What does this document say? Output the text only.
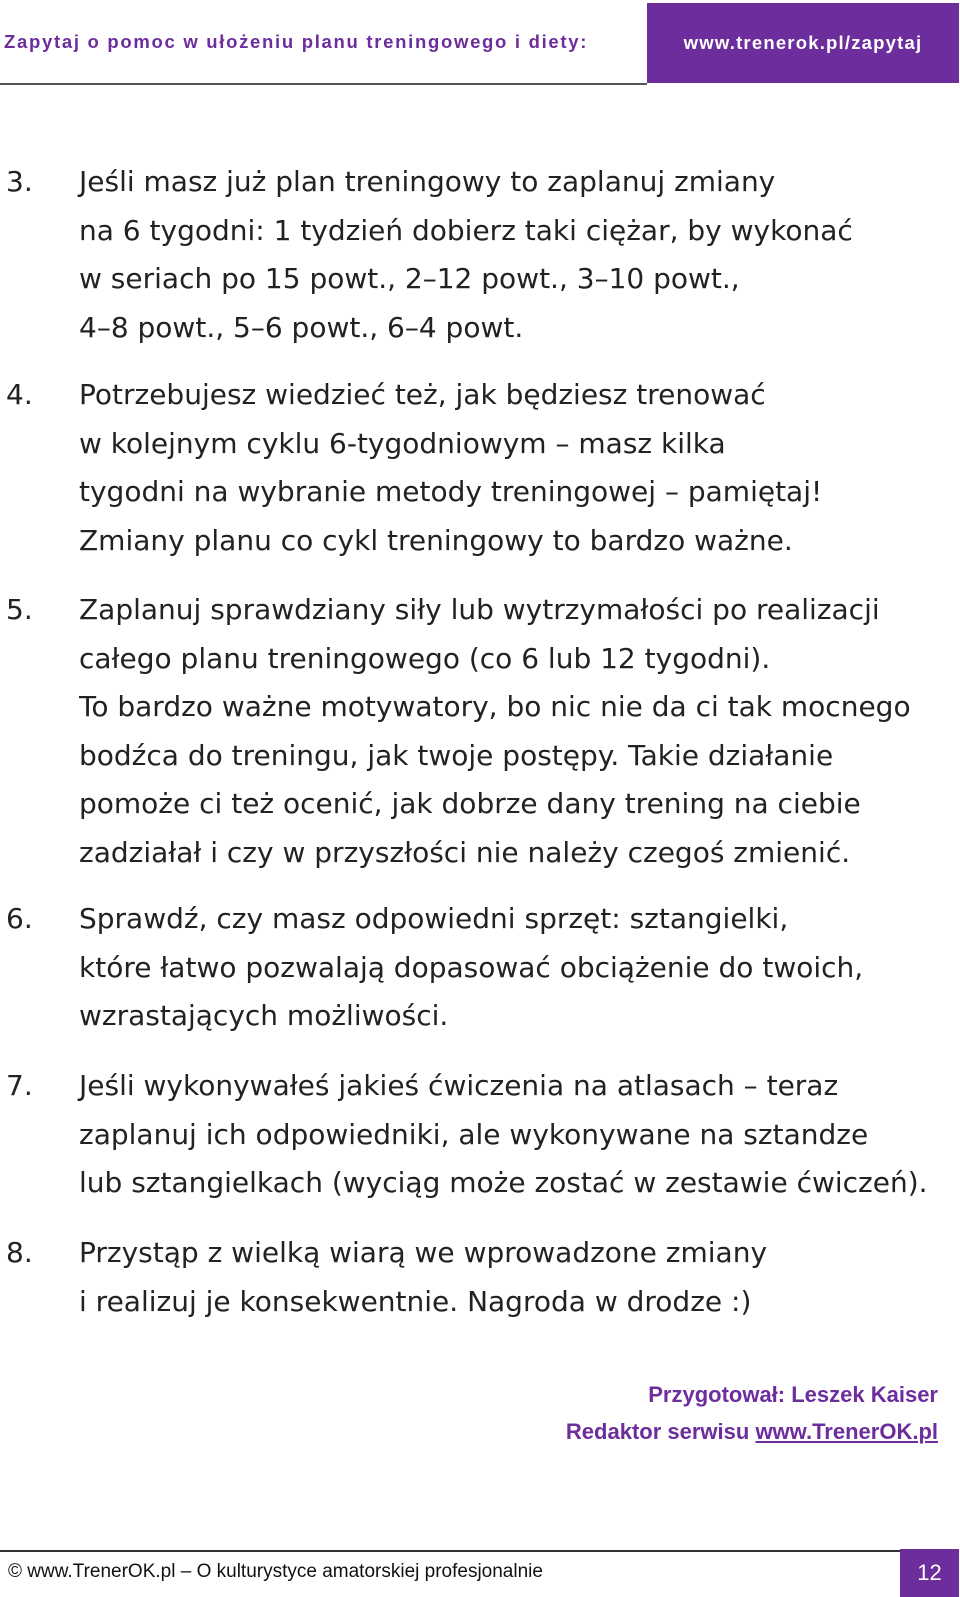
Zapytaj o pomoc w ułożeniu planu treningowego i diety:	www.trenerok.pl/zapytaj
3. Jeśli masz już plan treningowy to zaplanuj zmiany
na 6 tygodni: 1 tydzień dobierz taki ciężar, by wykonać
w seriach po 15 powt., 2–12 powt., 3–10 powt.,
4–8 powt., 5–6 powt., 6–4 powt.
4. Potrzebujesz wiedzieć też, jak będziesz trenować
w kolejnym cyklu 6-tygodniowym – masz kilka
tygodni na wybranie metody treningowej – pamiętaj!
Zmiany planu co cykl treningowy to bardzo ważne.
5. Zaplanuj sprawdziany siły lub wytrzymałości po realizacji
całego planu treningowego (co 6 lub 12 tygodni).
To bardzo ważne motywatory, bo nic nie da ci tak mocnego
bodźca do treningu, jak twoje postępy. Takie działanie
pomoże ci też ocenić, jak dobrze dany trening na ciebie
zadziałał i czy w przyszłości nie należy czegoś zmienić.
6. Sprawdź, czy masz odpowiedni sprzęt: sztangielki,
które łatwo pozwalają dopasować obciążenie do twoich,
wzrastających możliwości.
7. Jeśli wykonywałeś jakieś ćwiczenia na atlasach – teraz
zaplanuj ich odpowiedniki, ale wykonywane na sztandze
lub sztangielkach (wyciąg może zostać w zestawie ćwiczeń).
8. Przystąp z wielką wiarą we wprowadzone zmiany
i realizuj je konsekwentnie. Nagroda w drodze :)
Przygotował: Leszek Kaiser
Redaktor serwisu www.TrenerOK.pl
© www.TrenerOK.pl – O kulturystyce amatorskiej profesjonalnie	12
